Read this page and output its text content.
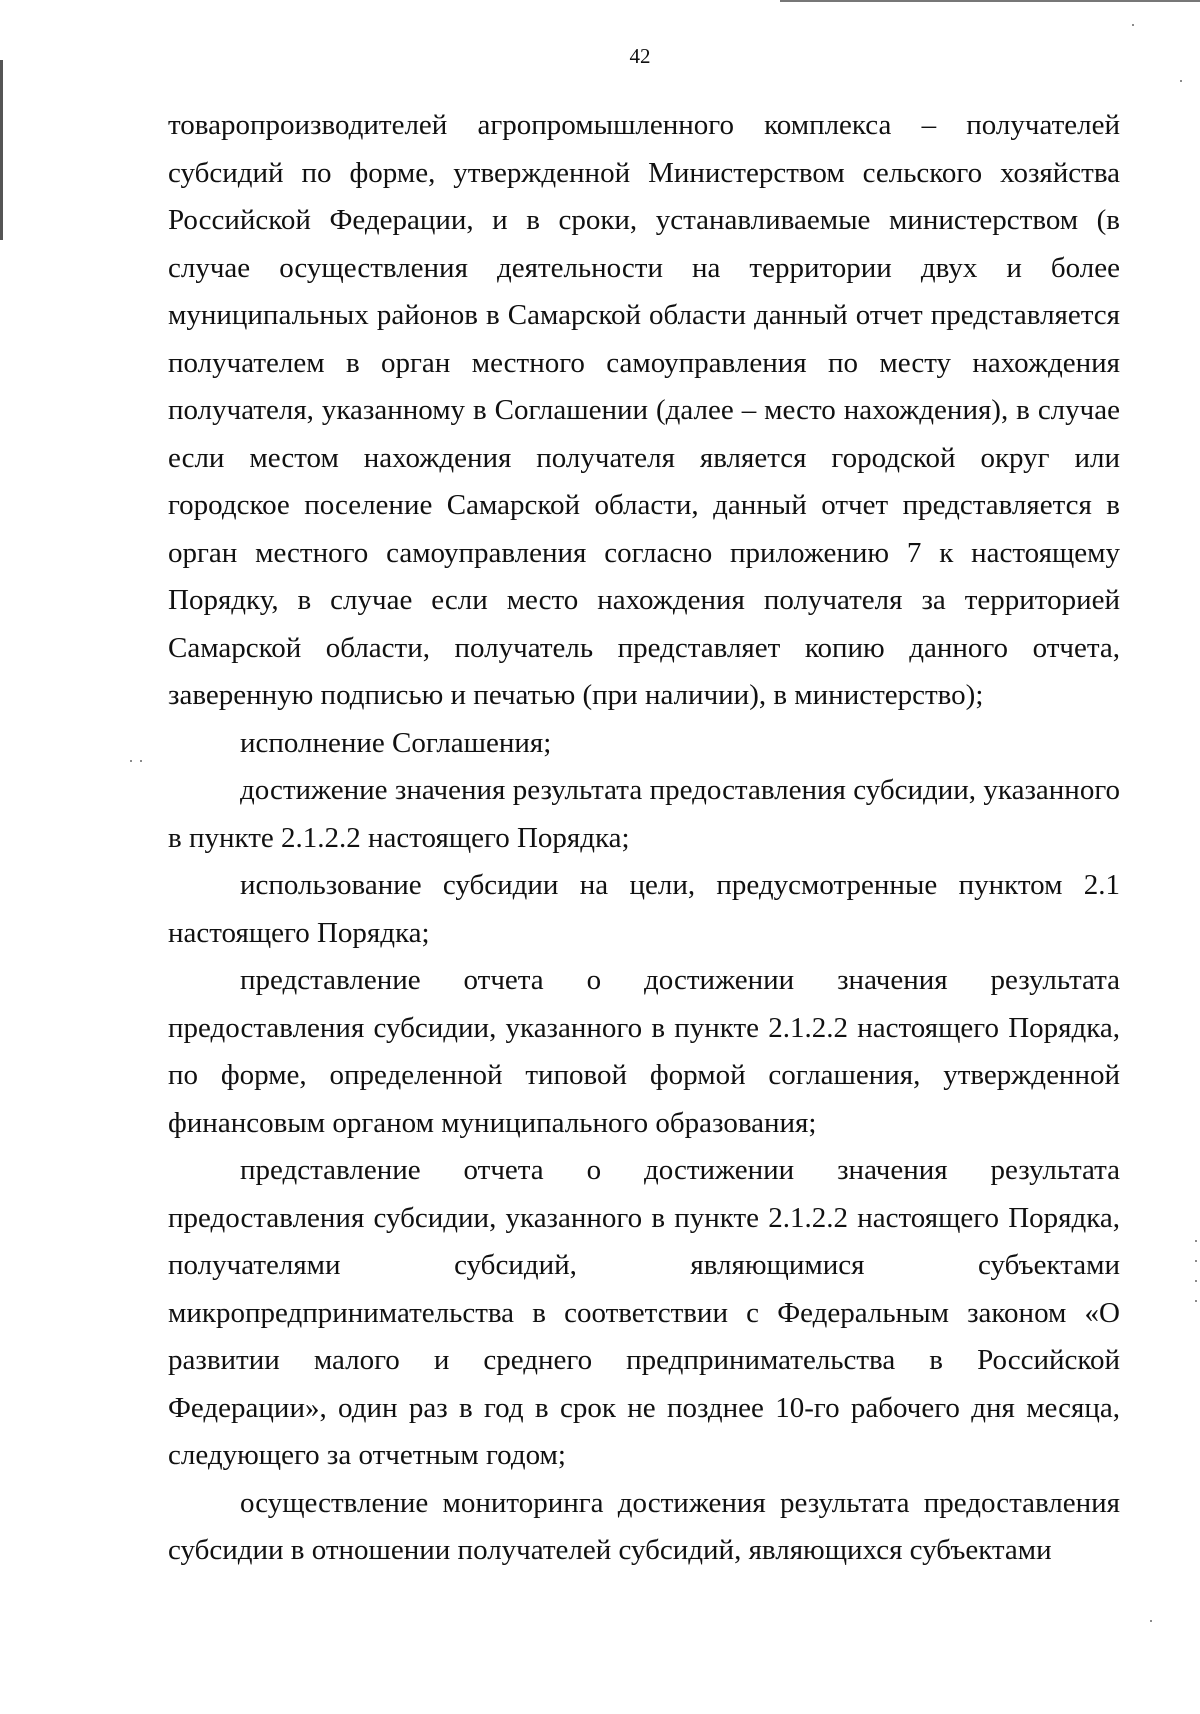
42

товаропроизводителей агропромышленного комплекса – получателей субсидий по форме, утвержденной Министерством сельского хозяйства Российской Федерации, и в сроки, устанавливаемые министерством (в случае осуществления деятельности на территории двух и более муниципальных районов в Самарской области данный отчет представляется получателем в орган местного самоуправления по месту нахождения получателя, указанному в Соглашении (далее – место нахождения), в случае если местом нахождения получателя является городской округ или городское поселение Самарской области, данный отчет представляется в орган местного самоуправления согласно приложению 7 к настоящему Порядку, в случае если место нахождения получателя за территорией Самарской области, получатель представляет копию данного отчета, заверенную подписью и печатью (при наличии), в министерство);

исполнение Соглашения;

достижение значения результата предоставления субсидии, указанного в пункте 2.1.2.2 настоящего Порядка;

использование субсидии на цели, предусмотренные пунктом 2.1 настоящего Порядка;

представление отчета о достижении значения результата предоставления субсидии, указанного в пункте 2.1.2.2 настоящего Порядка, по форме, определенной типовой формой соглашения, утвержденной финансовым органом муниципального образования;

представление отчета о достижении значения результата предоставления субсидии, указанного в пункте 2.1.2.2 настоящего Порядка, получателями субсидий, являющимися субъектами микропредпринимательства в соответствии с Федеральным законом «О развитии малого и среднего предпринимательства в Российской Федерации», один раз в год в срок не позднее 10-го рабочего дня месяца, следующего за отчетным годом;

осуществление мониторинга достижения результата предоставления субсидии в отношении получателей субсидий, являющихся субъектами
